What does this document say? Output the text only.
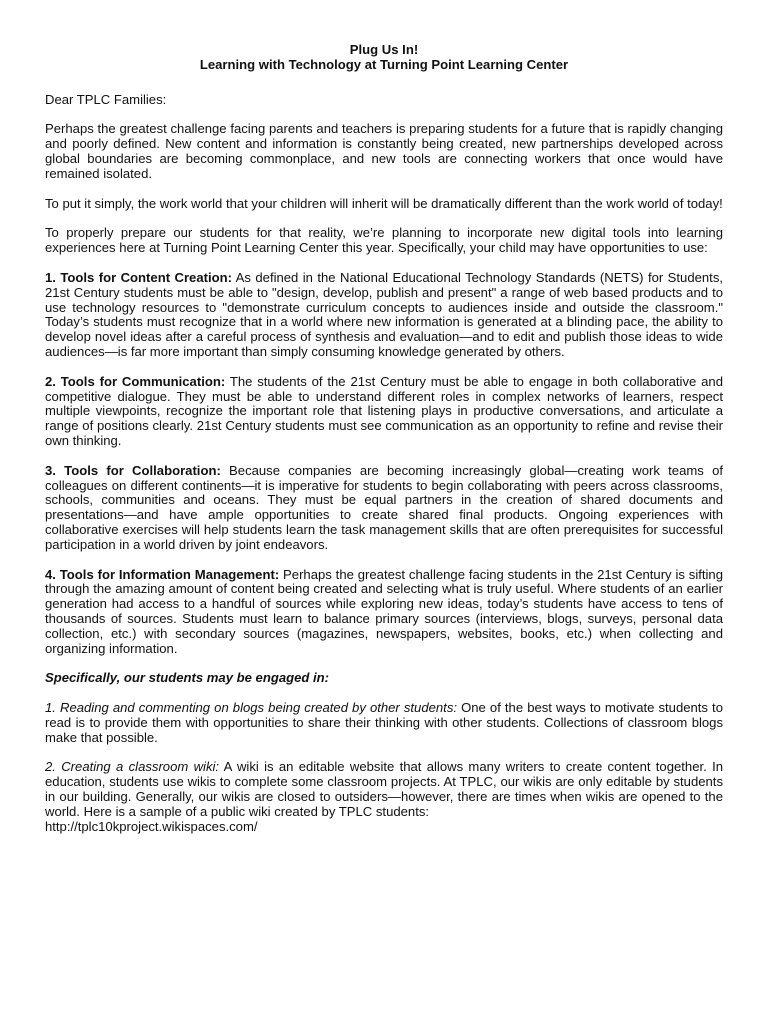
Plug Us In!

Learning with Technology at Turning Point Learning Center

Dear TPLC Families:

Perhaps the greatest challenge facing parents and teachers is preparing students for a future that is rapidly changing and poorly defined. New content and information is constantly being created, new partnerships developed across global boundaries are becoming commonplace, and new tools are connecting workers that once would have remained isolated.

To put it simply, the work world that your children will inherit will be dramatically different than the work world of today!

To properly prepare our students for that reality, we’re planning to incorporate new digital tools into learning experiences here at Turning Point Learning Center this year. Specifically, your child may have opportunities to use:

1. Tools for Content Creation: As defined in the National Educational Technology Standards (NETS) for Students, 21st Century students must be able to "design, develop, publish and present" a range of web based products and to use technology resources to "demonstrate curriculum concepts to audiences inside and outside the classroom." Today’s students must recognize that in a world where new information is generated at a blinding pace, the ability to develop novel ideas after a careful process of synthesis and evaluation—and to edit and publish those ideas to wide audiences—is far more important than simply consuming knowledge generated by others.

2. Tools for Communication: The students of the 21st Century must be able to engage in both collaborative and competitive dialogue. They must be able to understand different roles in complex networks of learners, respect multiple viewpoints, recognize the important role that listening plays in productive conversations, and articulate a range of positions clearly. 21st Century students must see communication as an opportunity to refine and revise their own thinking.

3. Tools for Collaboration: Because companies are becoming increasingly global—creating work teams of colleagues on different continents—it is imperative for students to begin collaborating with peers across classrooms, schools, communities and oceans. They must be equal partners in the creation of shared documents and presentations—and have ample opportunities to create shared final products. Ongoing experiences with collaborative exercises will help students learn the task management skills that are often prerequisites for successful participation in a world driven by joint endeavors.

4. Tools for Information Management: Perhaps the greatest challenge facing students in the 21st Century is sifting through the amazing amount of content being created and selecting what is truly useful. Where students of an earlier generation had access to a handful of sources while exploring new ideas, today’s students have access to tens of thousands of sources. Students must learn to balance primary sources (interviews, blogs, surveys, personal data collection, etc.) with secondary sources (magazines, newspapers, websites, books, etc.) when collecting and organizing information.

Specifically, our students may be engaged in:

1. Reading and commenting on blogs being created by other students: One of the best ways to motivate students to read is to provide them with opportunities to share their thinking with other students. Collections of classroom blogs make that possible.

2. Creating a classroom wiki: A wiki is an editable website that allows many writers to create content together. In education, students use wikis to complete some classroom projects. At TPLC, our wikis are only editable by students in our building. Generally, our wikis are closed to outsiders—however, there are times when wikis are opened to the world. Here is a sample of a public wiki created by TPLC students:
http://tplc10kproject.wikispaces.com/
